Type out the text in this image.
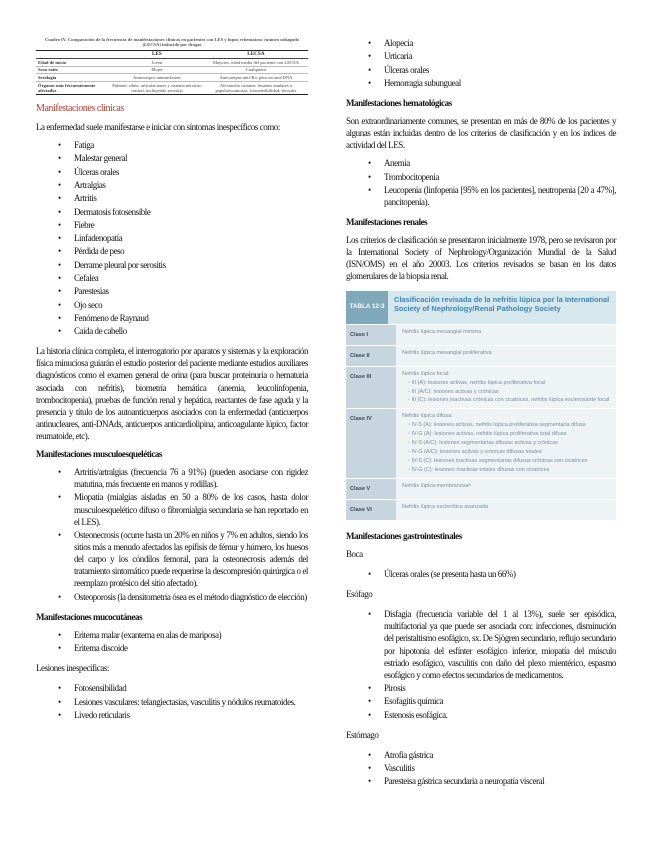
Cuadro IV. Comparación de la frecuencia de manifestaciones clínicas en pacientes con LES y lupus eritematoso cutáneo subagudo (LECSA) inducido por drogas
	LES	LECSA
Edad de inicio	Joven	Mayores, edad media del paciente con LECSA
Sexo ratio	Mujer	Cualquiera
Serología	Anticuerpos antinucleares	Anticuerpos anti-Ro, pero no anti-DNA
Órganos más frecuentemente afectados	Pulmón, riñón, articulaciones y sistema nervioso central, incluyendo serositis	Afectación cutánea: lesiones anulares o papuloescamosas, fotosensibilidad, serositis
Manifestaciones clínicas

La enfermedad suele manifestarse e iniciar con síntomas inespecíficos como:

• Fatiga
• Malestar general
• Úlceras orales
• Artralgias
• Artritis
• Dermatosis fotosensible
• Fiebre
• Linfadenopatía
• Pérdida de peso
• Derrame pleural por serositis
• Cefalea
• Parestesias
• Ojo seco
• Fenómeno de Raynaud
• Caída de cabello

La historia clínica completa, el interrogatorio por aparatos y sistemas y la exploración física minuciosa guiarán el estudio posterior del paciente mediante estudios auxiliares diagnósticos como el examen general de orina (para buscar proteinuria o hematuria asociada con nefritis), biometría hemática (anemia, leucolinfopenia, trombocitopenia), pruebas de función renal y hepática, reactantes de fase aguda y la presencia y título de los autoanticuerpos asociados con la enfermedad (anticuerpos antinucleares, anti-DNAds, anticuerpos anticardiolipina, anticoagulante lúpico, factor reumatoide, etc).

Manifestaciones musculoesqueléticas
• Artritis/artralgias (frecuencia 76 a 91%) (pueden asociarse con rigidez matutina, más frecuente en manos y rodillas).
• Miopatía (mialgias aisladas en 50 a 80% de los casos, hasta dolor musculoesquelético difuso o fibromialgia secundaria se han reportado en el LES).
• Osteonecrosis (ocurre hasta un 20% en niños y 7% en adultos, siendo los sitios más a menudo afectados las epífisis de fémur y húmero, los huesos del carpo y los cóndilos femoral, para la osteonecrosis además del tratamiento sintomático puede requerirse la descompresión quirúrgica o el reemplazo protésico del sitio afectado).
• Osteoporosis (la densitometría ósea es el método diagnóstico de elección)
Manifestaciones mucocutáneas
• Eritema malar (exantema en alas de mariposa)
• Eritema discoide
Lesiones inespecíficas:
• Fotosensibilidad
• Lesiones vasculares: telangiectasias, vasculitis y nódulos reumatoides.
• Livedo reticularis
• Alopecia
• Urticaria
• Úlceras orales
• Hemorragia subungueal
Manifestaciones hematológicas

Son extraordinariamente comunes, se presentan en más de 80% de los pacientes y algunas están incluidas dentro de los criterios de clasificación y en los índices de actividad del LES.

• Anemia
• Trombocitopenia
• Leucopenia (linfopenia [95% en los pacientes], neutropenia [20 a 47%], pancitopenia).
Manifestaciones renales

Los criterios de clasificación se presentaron inicialmente 1978, pero se revisaron por la International Society of Nephrology/Organización Mundial de la Salud (ISN/OMS) en el año 20003. Los criterios revisados se basan en los datos glomerulares de la biopsia renal.

TABLA 12-3
Clasificación revisada de la nefritis lúpica por la International Society of Nephrology/Renal Pathology Society
Clase I	Nefritis lúpica mesangial mínima
Clase II	Nefritis lúpica mesangial proliferativa
Clase III	Nefritis lúpica focal:
◦ III (A): lesiones activas, nefritis lúpica proliferativa focal
◦ III (A/C): lesiones activas y crónicas
◦ III (C): lesiones inactivas crónicas con cicatrices, nefritis lúpica esclerosante focal
Clase IV	Nefritis lúpica difusa:
◦ IV-S (A): lesiones activas, nefritis lúpica proliferativa segmentaria difusa
◦ IV-G (A): lesiones activas, nefritis lúpica proliferativa total difusa
◦ IV-S (A/C): lesiones segmentarias difusas activas y crónicas
◦ IV-G (A/C): lesiones activas y crónicas difusas totales
◦ IV-S (C): lesiones inactivas segmentarias difusas crónicas con cicatrices
◦ IV-G (C): lesiones inactivas totales difusas con cicatrices
Clase V	Nefritis lúpica membranosaᵃ
Clase VI	Nefritis lúpica esclerótica avanzada
Manifestaciones gastrointestinales
Boca
• Úlceras orales (se presenta hasta un 66%)
Esófago
• Disfagia (frecuencia variable del 1 al 13%), suele ser episódica, multifactorial ya que puede ser asociada con: infecciones, disminución del peristaltismo esofágico, sx. De Sjögren secundario, reflujo secundario por hipotonía del esfínter esofágico inferior, miopatía del músculo estriado esofágico, vasculitis con daño del plexo mientérico, espasmo esofágico y como efectos secundarios de medicamentos.
• Pirosis
• Esofagitis química
• Estenosis esofágica.
Estómago
• Atrofia gástrica
• Vasculitis
• Paresteisa gástrica secundaria a neuropatía visceral
